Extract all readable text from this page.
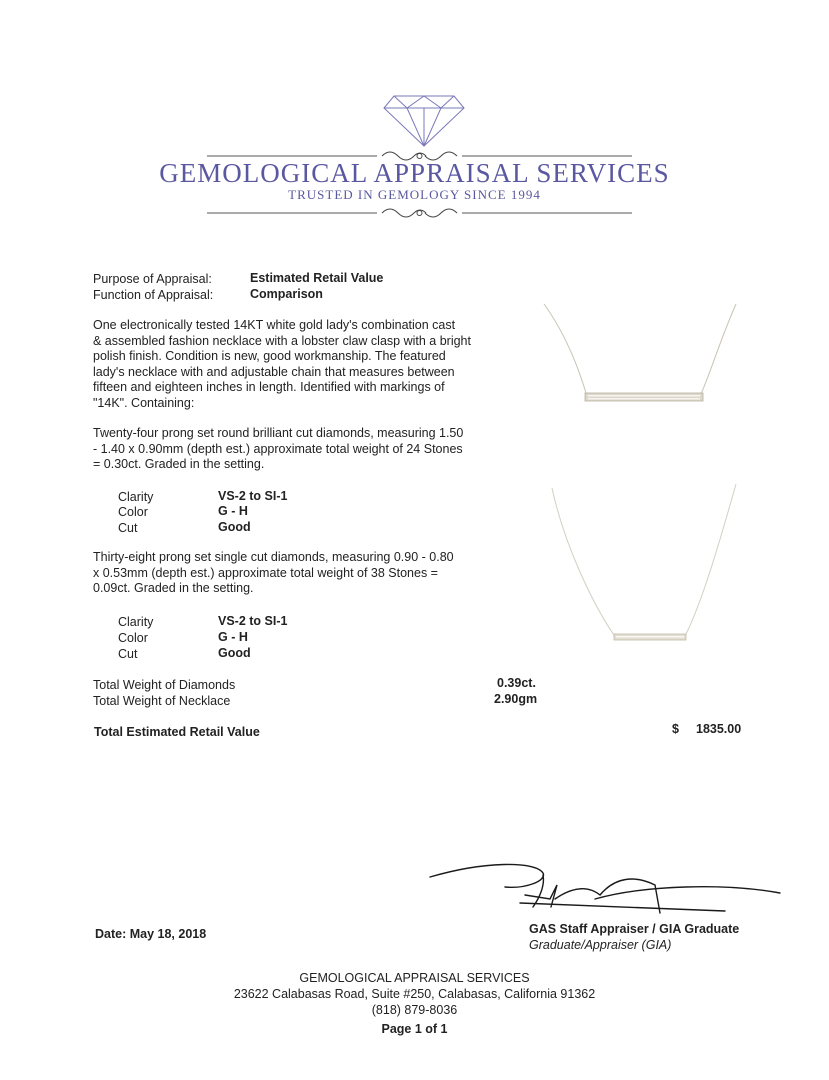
GEMOLOGICAL APPRAISAL SERVICES
TRUSTED IN GEMOLOGY SINCE 1994
Purpose of Appraisal:	Estimated Retail Value
Function of Appraisal:	Comparison
One electronically tested 14KT white gold lady's combination cast
& assembled fashion necklace with a lobster claw clasp with a bright
polish finish. Condition is new, good workmanship. The featured
lady's necklace with and adjustable chain that measures between
fifteen and eighteen inches in length. Identified with markings of
"14K". Containing:
Twenty-four prong set round brilliant cut diamonds, measuring 1.50
- 1.40 x 0.90mm (depth est.) approximate total weight of 24 Stones
= 0.30ct. Graded in the setting.
Clarity	VS-2 to SI-1
Color	G - H
Cut	Good
Thirty-eight prong set single cut diamonds, measuring 0.90 - 0.80
x 0.53mm (depth est.) approximate total weight of 38 Stones =
0.09ct. Graded in the setting.
Clarity	VS-2 to SI-1
Color	G - H
Cut	Good
Total Weight of Diamonds	0.39ct.
Total Weight of Necklace	2.90gm
Total Estimated Retail Value	$ 1835.00
Date: May 18, 2018	GAS Staff Appraiser / GIA Graduate
Graduate/Appraiser (GIA)
GEMOLOGICAL APPRAISAL SERVICES
23622 Calabasas Road, Suite #250, Calabasas, California 91362
(818) 879-8036
Page 1 of 1
